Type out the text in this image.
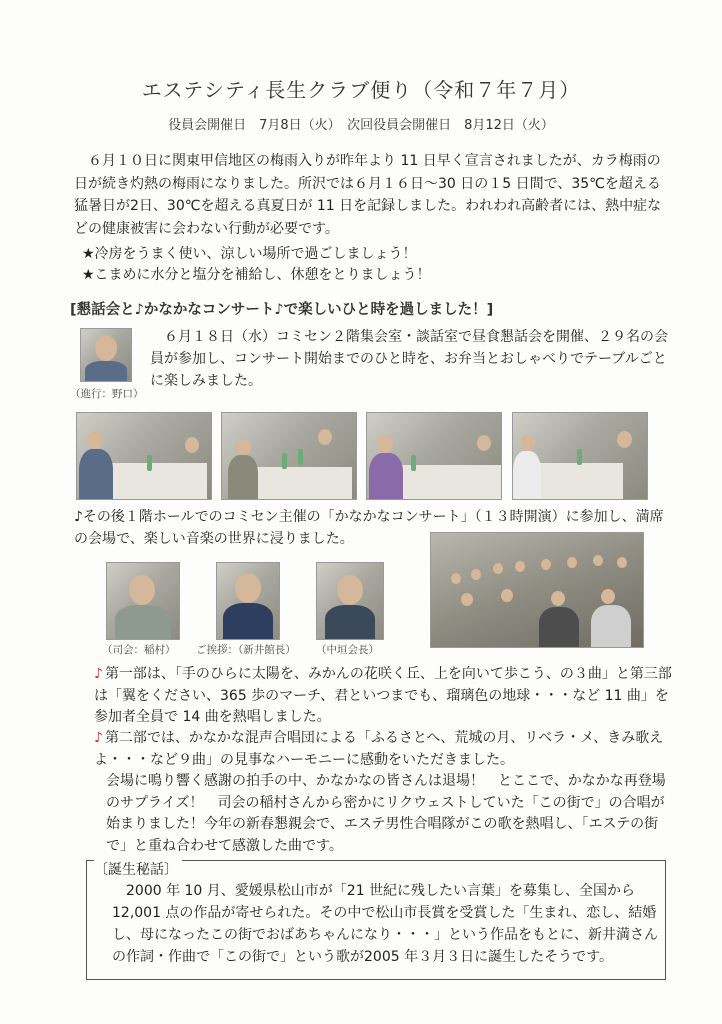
エステシティ長生クラブ便り（令和７年７月）
役員会開催日　7月8日（火）　次回役員会開催日　8月12日（火）

６月１０日に関東甲信地区の梅雨入りが昨年より 11 日早く宣言されましたが、カラ梅雨の日が続き灼熱の梅雨になりました。所沢では６月１６日～30 日の１5 日間で、35℃を超える猛暑日が2日、30℃を超える真夏日が 11 日を記録しました。われわれ高齢者には、熱中症などの健康被害に会わない行動が必要です。

★冷房をうまく使い、涼しい場所で過ごしましょう！
★こまめに水分と塩分を補給し、休憩をとりましょう！
[懇話会と♪かなかなコンサート♪で楽しいひと時を過しました！]
（進行：野口）

６月１８日（水）コミセン２階集会室・談話室で昼食懇話会を開催、２９名の会員が参加し、コンサート開始までのひと時を、お弁当とおしゃべりでテーブルごとに楽しみました。

♪その後１階ホールでのコミセン主催の「かなかなコンサート」（１３時開演）に参加し、満席の会場で、楽しい音楽の世界に浸りました。

（司会：稲村） ご挨拶：（新井館長） （中垣会長）

♪ 第一部は、「手のひらに太陽を、みかんの花咲く丘、上を向いて歩こう、の３曲」と第三部は「翼をください、365 歩のマーチ、君といつまでも、瑠璃色の地球・・・など 11 曲」を参加者全員で 14 曲を熱唱しました。

♪ 第二部では、かなかな混声合唱団による「ふるさとへ、荒城の月、リベラ・メ、きみ歌えよ・・・など９曲」の見事なハーモニーに感動をいただきました。

会場に鳴り響く感謝の拍手の中、かなかなの皆さんは退場！　とここで、かなかな再登場のサプライズ！　司会の稲村さんから密かにリクウェストしていた「この街で」の合唱が始まりました！今年の新春懇親会で、エステ男性合唱隊がこの歌を熱唱し、「エステの街で」と重ね合わせて感激した曲です。

〔誕生秘話〕

2000 年 10 月、愛媛県松山市が「21 世紀に残したい言葉」を募集し、全国から 12,001 点の作品が寄せられた。その中で松山市長賞を受賞した「生まれ、恋し、結婚し、母になったこの街でおばあちゃんになり・・・」という作品をもとに、新井満さんの作詞・作曲で「この街で」という歌が2005 年３月３日に誕生したそうです。
